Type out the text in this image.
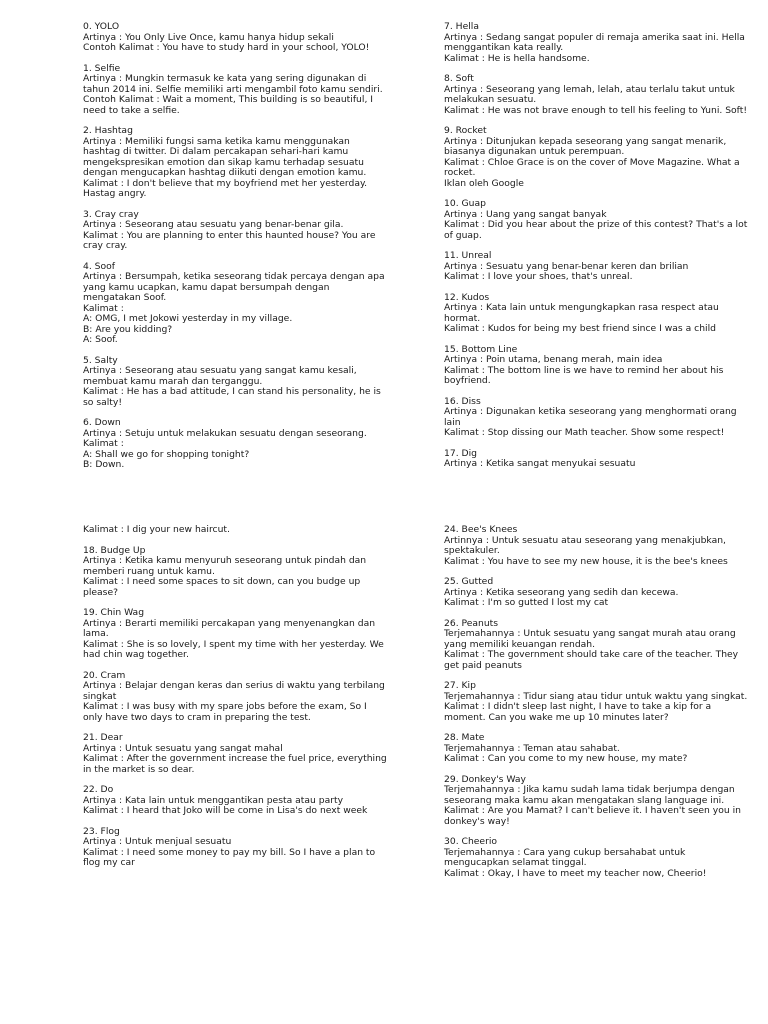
0. YOLO

Artinya : You Only Live Once, kamu hanya hidup sekali

Contoh Kalimat : You have to study hard in your school, YOLO!

1. Selfie

Artinya : Mungkin termasuk ke kata yang sering digunakan di tahun 2014 ini. Selfie memiliki arti mengambil foto kamu sendiri.

Contoh Kalimat : Wait a moment, This building is so beautiful, I need to take a selfie.

2. Hashtag

Artinya : Memiliki fungsi sama ketika kamu menggunakan hashtag di twitter. Di dalam percakapan sehari-hari kamu mengekspresikan emotion dan sikap kamu terhadap sesuatu dengan mengucapkan hashtag diikuti dengan emotion kamu.

Kalimat : I don't believe that my boyfriend met her yesterday. Hastag angry.

3. Cray cray

Artinya : Seseorang atau sesuatu yang benar-benar gila.

Kalimat : You are planning to enter this haunted house? You are cray cray.

4. Soof

Artinya : Bersumpah, ketika seseorang tidak percaya dengan apa yang kamu ucapkan, kamu dapat bersumpah dengan mengatakan Soof.

Kalimat :

A: OMG, I met Jokowi yesterday in my village.

B: Are you kidding?

A: Soof.

5. Salty

Artinya : Seseorang atau sesuatu yang sangat kamu kesali, membuat kamu marah dan terganggu.

Kalimat : He has a bad attitude, I can stand his personality, he is so salty!

6. Down

Artinya : Setuju untuk melakukan sesuatu dengan seseorang.

Kalimat :

A: Shall we go for shopping tonight?

B: Down.

7. Hella

Artinya : Sedang sangat populer di remaja amerika saat ini. Hella menggantikan kata really.

Kalimat : He is hella handsome.

8. Soft

Artinya : Seseorang yang lemah, lelah, atau terlalu takut untuk melakukan sesuatu.

Kalimat : He was not brave enough to tell his feeling to Yuni. Soft!

9. Rocket

Artinya : Ditunjukan kepada seseorang yang sangat menarik, biasanya digunakan untuk perempuan.

Kalimat : Chloe Grace is on the cover of Move Magazine. What a rocket.

Iklan oleh Google

10. Guap

Artinya : Uang yang sangat banyak

Kalimat : Did you hear about the prize of this contest? That's a lot of guap.

11. Unreal

Artinya : Sesuatu yang benar-benar keren dan brilian

Kalimat : I love your shoes, that's unreal.

12. Kudos

Artinya : Kata lain untuk mengungkapkan rasa respect atau hormat.

Kalimat : Kudos for being my best friend since I was a child

15. Bottom Line

Artinya : Poin utama, benang merah, main idea

Kalimat : The bottom line is we have to remind her about his boyfriend.

16. Diss

Artinya : Digunakan ketika seseorang yang menghormati orang lain

Kalimat : Stop dissing our Math teacher. Show some respect!

17. Dig

Artinya : Ketika sangat menyukai sesuatu

Kalimat : I dig your new haircut.

18. Budge Up

Artinya : Ketika kamu menyuruh seseorang untuk pindah dan memberi ruang untuk kamu.

Kalimat : I need some spaces to sit down, can you budge up please?

19. Chin Wag

Artinya : Berarti memiliki percakapan yang menyenangkan dan lama.

Kalimat : She is so lovely, I spent my time with her yesterday. We had chin wag together.

20. Cram

Artinya : Belajar dengan keras dan serius di waktu yang terbilang singkat

Kalimat : I was busy with my spare jobs before the exam, So I only have two days to cram in preparing the test.

21. Dear

Artinya : Untuk sesuatu yang sangat mahal

Kalimat : After the government increase the fuel price, everything in the market is so dear.

22. Do

Artinya : Kata lain untuk menggantikan pesta atau party

Kalimat : I heard that Joko will be come in Lisa's do next week

23. Flog

Artinya : Untuk menjual sesuatu

Kalimat : I need some money to pay my bill. So I have a plan to flog my car

24. Bee's Knees

Artinnya : Untuk sesuatu atau seseorang yang menakjubkan, spektakuler.

Kalimat : You have to see my new house, it is the bee's knees

25. Gutted

Artinya : Ketika seseorang yang sedih dan kecewa.

Kalimat : I'm so gutted I lost my cat

26. Peanuts

Terjemahannya : Untuk sesuatu yang sangat murah atau orang yang memiliki keuangan rendah.

Kalimat : The government should take care of the teacher. They get paid peanuts

27. Kip

Terjemahannya : Tidur siang atau tidur untuk waktu yang singkat.

Kalimat : I didn't sleep last night, I have to take a kip for a moment. Can you wake me up 10 minutes later?

28. Mate

Terjemahannya : Teman atau sahabat.

Kalimat : Can you come to my new house, my mate?

29. Donkey's Way

Terjemahannya : Jika kamu sudah lama tidak berjumpa dengan seseorang maka kamu akan mengatakan slang language ini.

Kalimat : Are you Mamat? I can't believe it. I haven't seen you in donkey's way!

30. Cheerio

Terjemahannya : Cara yang cukup bersahabat untuk mengucapkan selamat tinggal.

Kalimat : Okay, I have to meet my teacher now, Cheerio!
